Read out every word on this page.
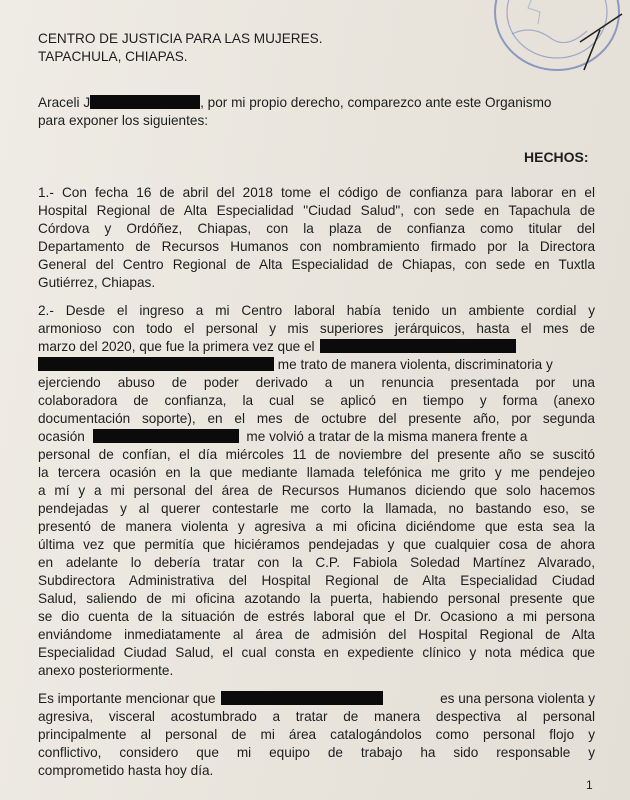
CENTRO DE JUSTICIA PARA LAS MUJERES.
TAPACHULA, CHIAPAS.
Araceli J	, por mi propio derecho, comparezco ante este Organismo
para exponer los siguientes:
HECHOS:
1.- Con fecha 16 de abril del 2018 tome el código de confianza para laborar en el
Hospital Regional de Alta Especialidad "Ciudad Salud", con sede en Tapachula de
Córdova y Ordóñez, Chiapas, con la plaza de confianza como titular del
Departamento de Recursos Humanos con nombramiento firmado por la Directora
General del Centro Regional de Alta Especialidad de Chiapas, con sede en Tuxtla
Gutiérrez, Chiapas.
2.- Desde el ingreso a mi Centro laboral había tenido un ambiente cordial y
armonioso con todo el personal y mis superiores jerárquicos, hasta el mes de
marzo del 2020, que fue la primera vez que el
me trato de manera violenta, discriminatoria y
ejerciendo abuso de poder derivado a un renuncia presentada por una
colaboradora de confianza, la cual se aplicó en tiempo y forma (anexo
documentación soporte), en el mes de octubre del presente año, por segunda
ocasión	me volvió a tratar de la misma manera frente a
personal de confían, el día miércoles 11 de noviembre del presente año se suscitó
la tercera ocasión en la que mediante llamada telefónica me grito y me pendejeo
a mí y a mi personal del área de Recursos Humanos diciendo que solo hacemos
pendejadas y al querer contestarle me corto la llamada, no bastando eso, se
presentó de manera violenta y agresiva a mi oficina diciéndome que esta sea la
última vez que permitía que hiciéramos pendejadas y que cualquier cosa de ahora
en adelante lo debería tratar con la C.P. Fabiola Soledad Martínez Alvarado,
Subdirectora Administrativa del Hospital Regional de Alta Especialidad Ciudad
Salud, saliendo de mi oficina azotando la puerta, habiendo personal presente que
se dio cuenta de la situación de estrés laboral que el Dr. Ocasiono a mi persona
enviándome inmediatamente al área de admisión del Hospital Regional de Alta
Especialidad Ciudad Salud, el cual consta en expediente clínico y nota médica que
anexo posteriormente.
Es importante mencionar que	es una persona violenta y
agresiva, visceral acostumbrado a tratar de manera despectiva al personal
principalmente al personal de mi área catalogándolos como personal flojo y
conflictivo, considero que mi equipo de trabajo ha sido responsable y
comprometido hasta hoy día.
1
